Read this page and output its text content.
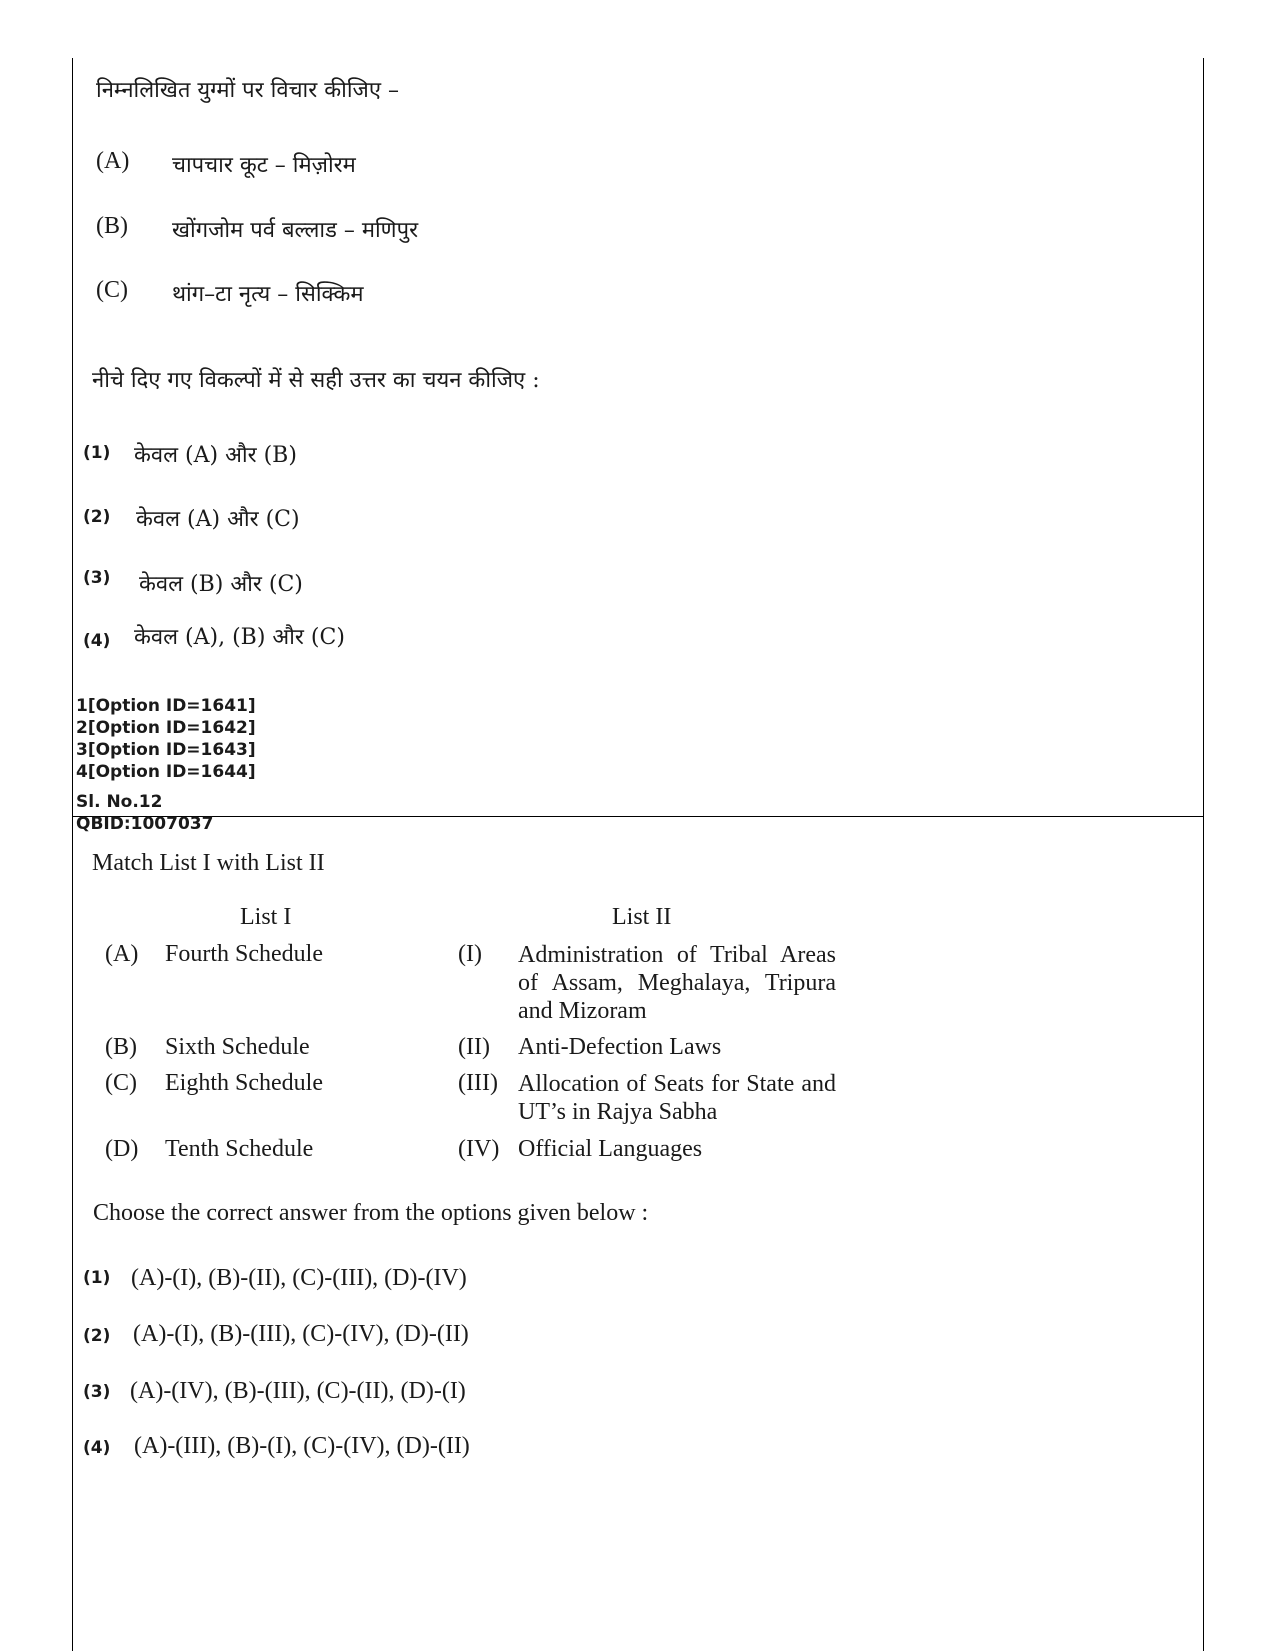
निम्नलिखित युग्मों पर विचार कीजिए –
(A) चापचार कूट – मिज़ोरम
(B) खोंगजोम पर्व बल्लाड – मणिपुर
(C) थांग–टा नृत्य – सिक्किम
नीचे दिए गए विकल्पों में से सही उत्तर का चयन कीजिए :
(1) केवल (A) और (B)
(2) केवल (A) और (C)
(3) केवल (B) और (C)
(4) केवल (A), (B) और (C)
1[Option ID=1641]
2[Option ID=1642]
3[Option ID=1643]
4[Option ID=1644]
Sl. No.12
QBID:1007037
Match List I with List II
List I	List II
(A) Fourth Schedule	(I) Administration of Tribal Areas of Assam, Meghalaya, Tripura and Mizoram
(B) Sixth Schedule	(II) Anti-Defection Laws
(C) Eighth Schedule	(III) Allocation of Seats for State and UT’s in Rajya Sabha
(D) Tenth Schedule	(IV) Official Languages
Choose the correct answer from the options given below :
(1) (A)-(I), (B)-(II), (C)-(III), (D)-(IV)
(2) (A)-(I), (B)-(III), (C)-(IV), (D)-(II)
(3) (A)-(IV), (B)-(III), (C)-(II), (D)-(I)
(4) (A)-(III), (B)-(I), (C)-(IV), (D)-(II)
